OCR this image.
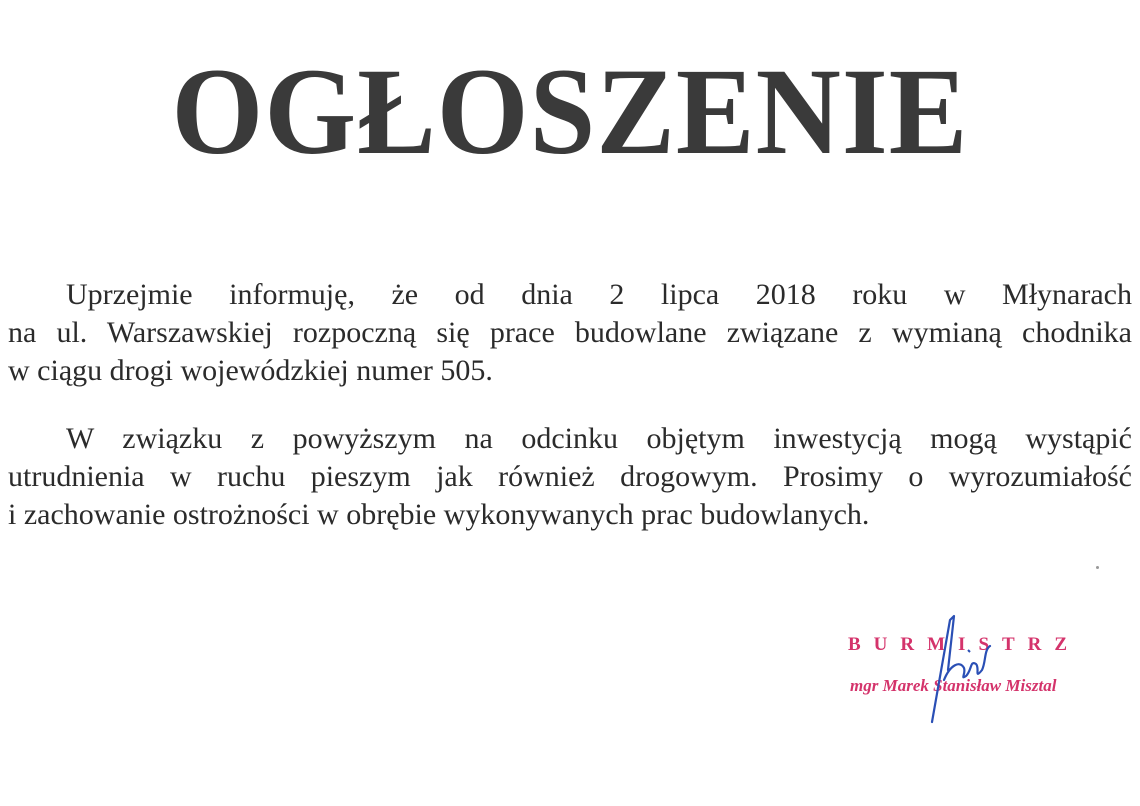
OGŁOSZENIE
Uprzejmie informuję, że od dnia 2 lipca 2018 roku w Młynarach
na ul. Warszawskiej rozpoczną się prace budowlane związane z wymianą chodnika
w ciągu drogi wojewódzkiej numer 505.
W związku z powyższym na odcinku objętym inwestycją mogą wystąpić
utrudnienia w ruchu pieszym jak również drogowym. Prosimy o wyrozumiałość
i zachowanie ostrożności w obrębie wykonywanych prac budowlanych.
BURMISTRZ
mgr Marek Stanisław Misztal
